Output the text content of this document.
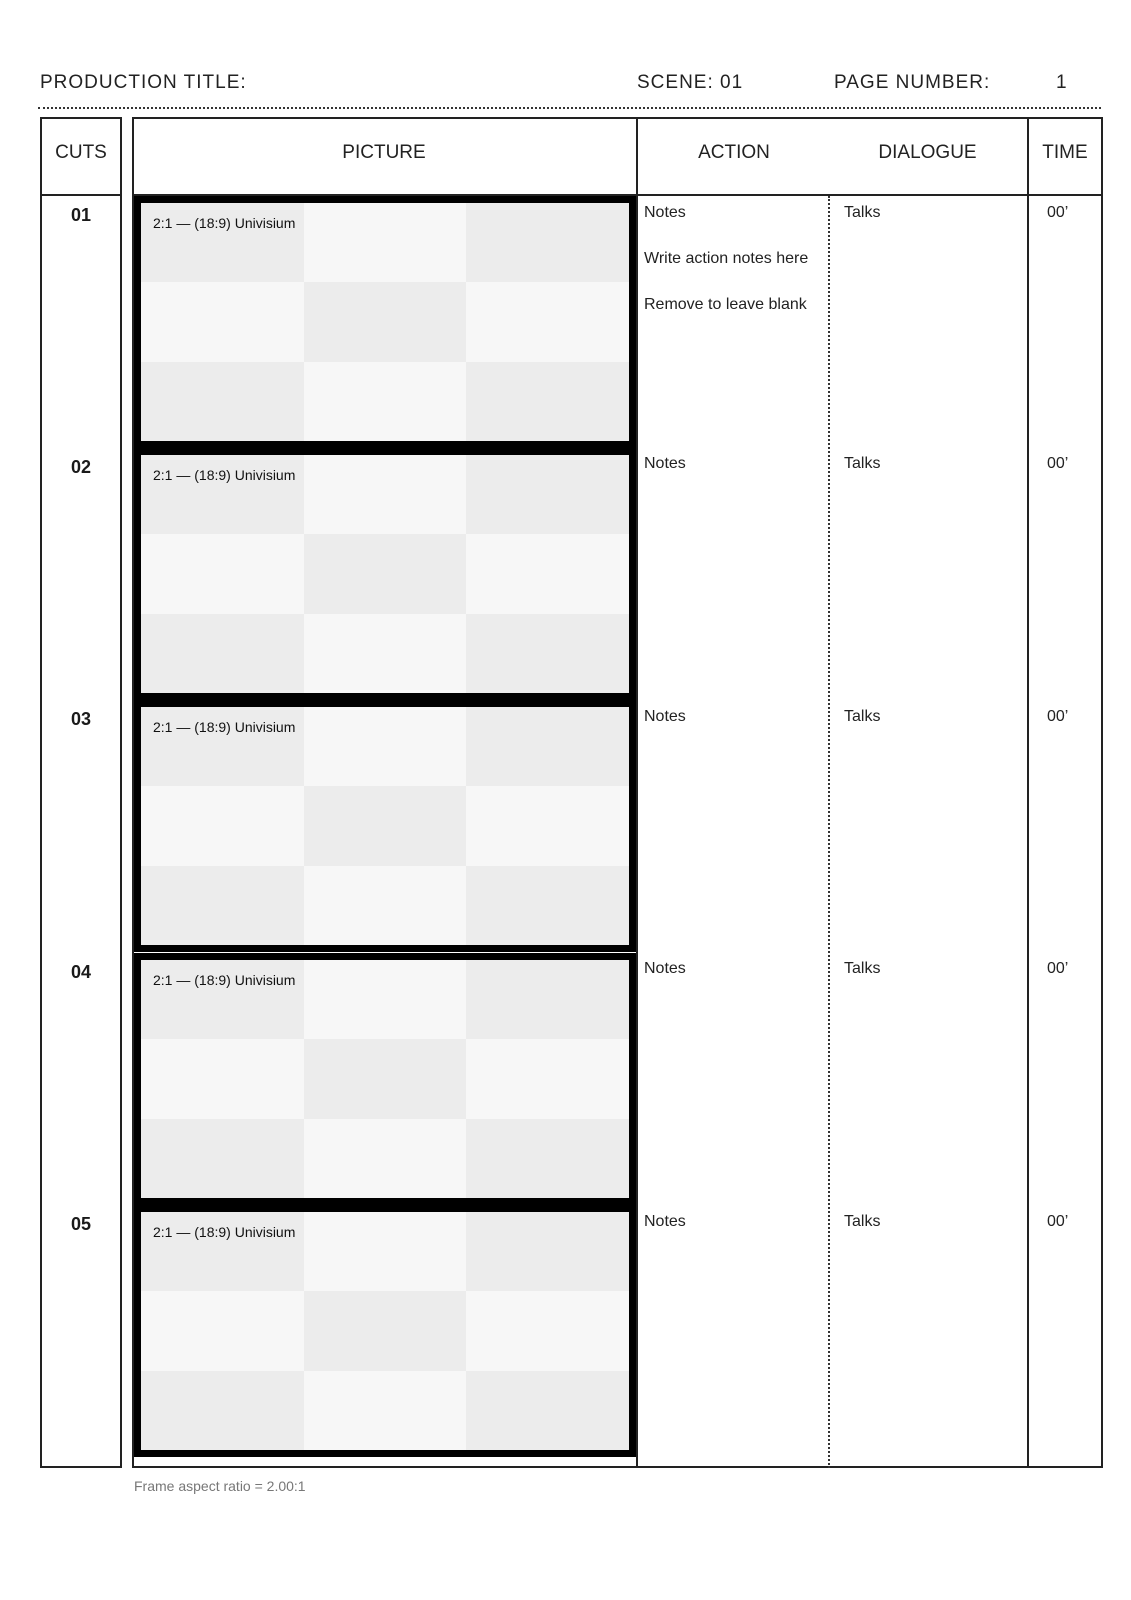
PRODUCTION TITLE:	SCENE: 01	PAGE NUMBER:	1
CUTS	PICTURE	ACTION	DIALOGUE	TIME
01	2:1 — (18:9) Univisium
Notes
Write action notes here
Remove to leave blank
Talks	00’
02	2:1 — (18:9) Univisium
Notes	Talks	00’
03	2:1 — (18:9) Univisium
Notes	Talks	00’
04	2:1 — (18:9) Univisium
Notes	Talks	00’
05	2:1 — (18:9) Univisium
Notes	Talks	00’
Frame aspect ratio = 2.00:1
